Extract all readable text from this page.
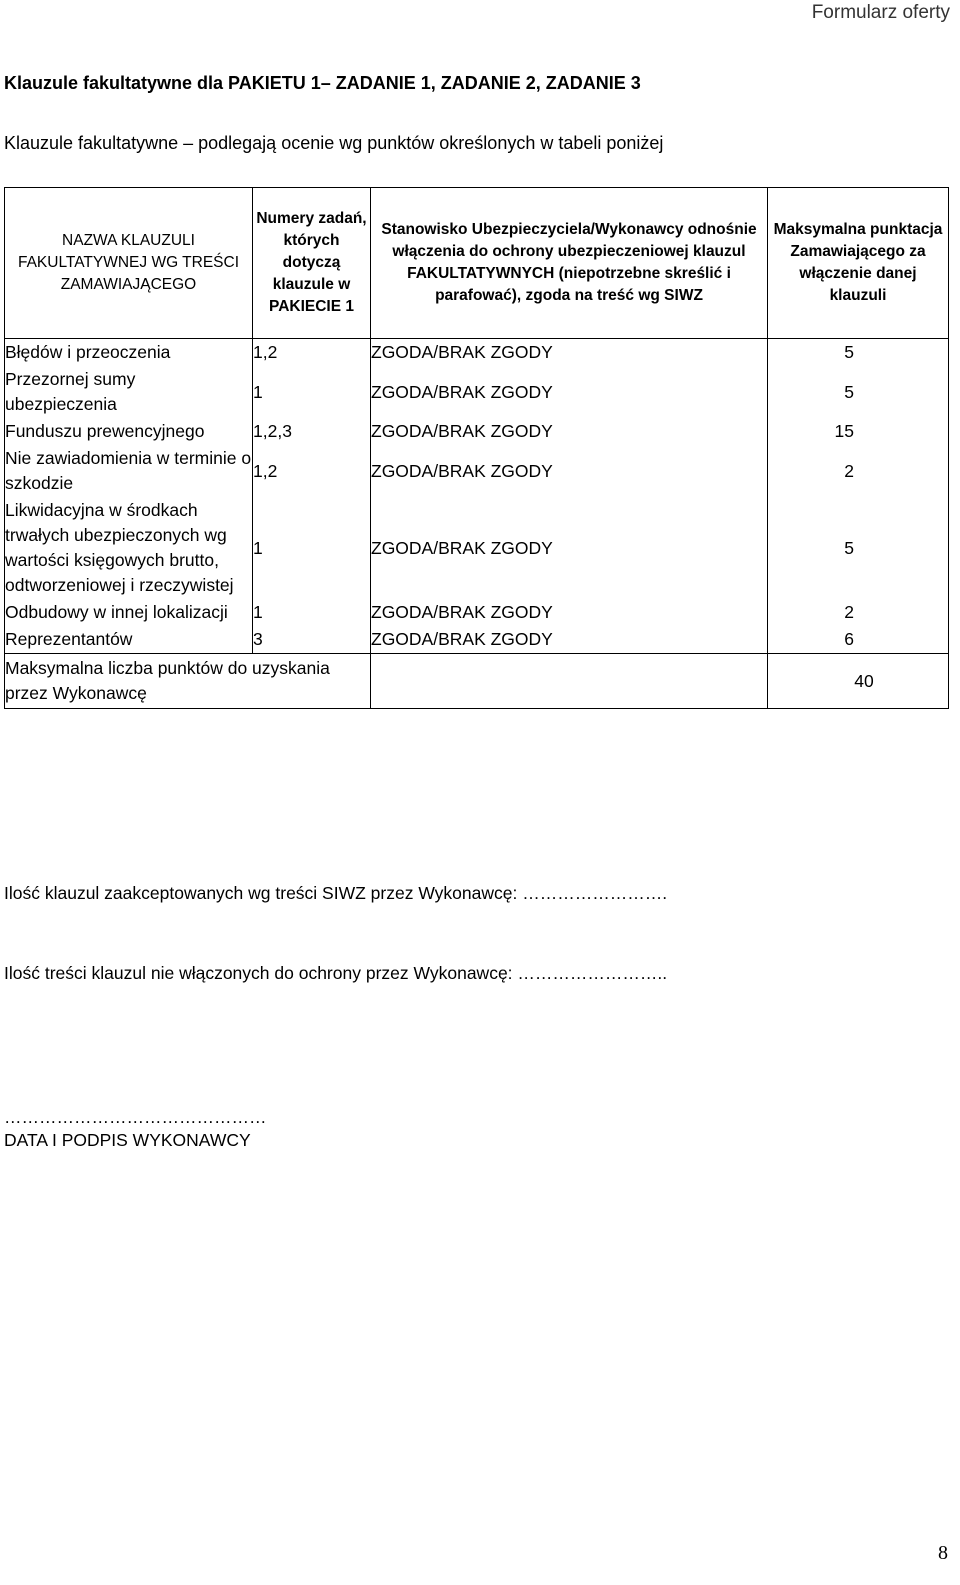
Formularz oferty
Klauzule fakultatywne dla PAKIETU 1– ZADANIE 1, ZADANIE 2, ZADANIE 3
Klauzule fakultatywne – podlegają ocenie wg punktów określonych w tabeli poniżej
NAZWA KLAUZULI FAKULTATYWNEJ WG TREŚCI ZAMAWIAJĄCEGO	Numery zadań, których dotyczą klauzule w PAKIECIE 1	Stanowisko Ubezpieczyciela/Wykonawcy odnośnie włączenia do ochrony ubezpieczeniowej klauzul FAKULTATYWNYCH (niepotrzebne skreślić i parafować), zgoda na treść wg SIWZ	Maksymalna punktacja Zamawiającego za włączenie danej klauzuli
Błędów i przeoczenia	1,2	ZGODA/BRAK ZGODY	5
Przezornej sumy ubezpieczenia	1	ZGODA/BRAK ZGODY	5
Funduszu prewencyjnego	1,2,3	ZGODA/BRAK ZGODY	15
Nie zawiadomienia w terminie o szkodzie	1,2	ZGODA/BRAK ZGODY	2
Likwidacyjna w środkach trwałych ubezpieczonych wg wartości księgowych brutto, odtworzeniowej i rzeczywistej	1	ZGODA/BRAK ZGODY	5
Odbudowy w innej lokalizacji	1	ZGODA/BRAK ZGODY	2
Reprezentantów	3	ZGODA/BRAK ZGODY	6
Maksymalna liczba punktów do uzyskania przez Wykonawcę			40
Ilość klauzul zaakceptowanych wg treści SIWZ przez Wykonawcę: …………………….
Ilość treści klauzul nie włączonych do ochrony przez Wykonawcę: ……………………..
………………………………………
DATA I PODPIS WYKONAWCY
8
